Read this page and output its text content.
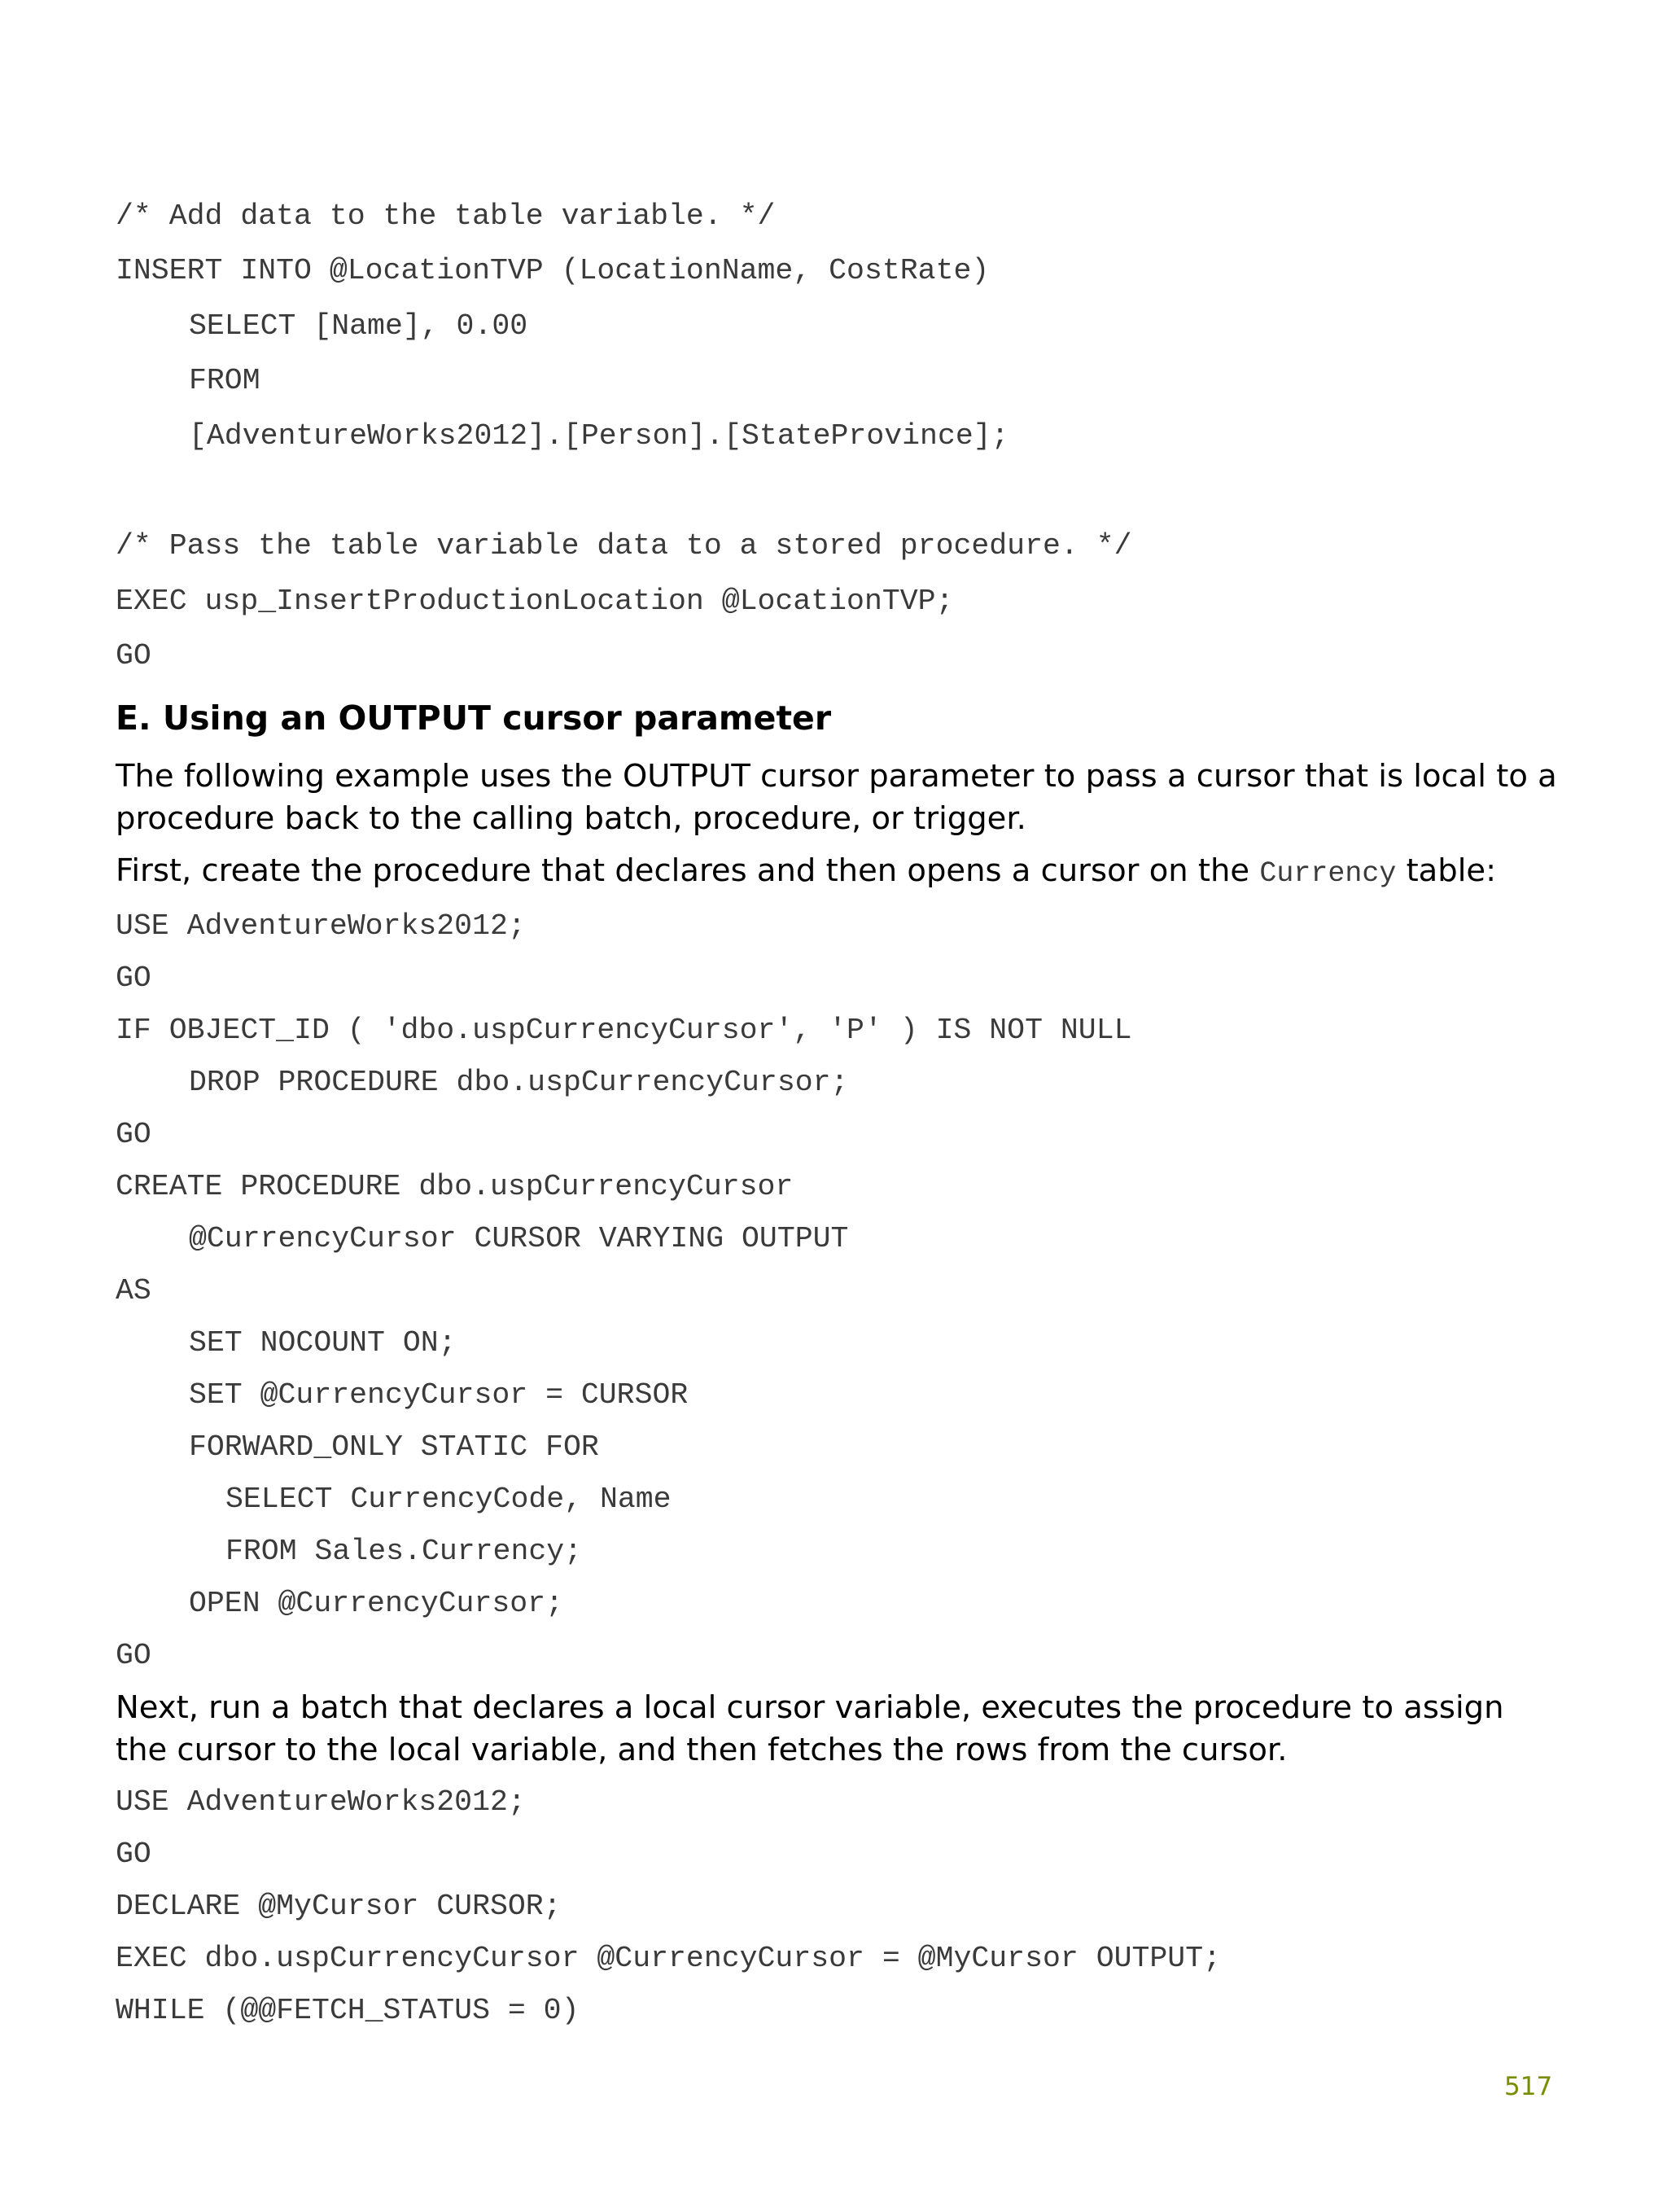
/* Add data to the table variable. */

INSERT INTO @LocationTVP (LocationName, CostRate)

SELECT [Name], 0.00

FROM

[AdventureWorks2012].[Person].[StateProvince];

/* Pass the table variable data to a stored procedure. */

EXEC usp_InsertProductionLocation @LocationTVP;

GO

E. Using an OUTPUT cursor parameter

The following example uses the OUTPUT cursor parameter to pass a cursor that is local to a procedure back to the calling batch, procedure, or trigger.

First, create the procedure that declares and then opens a cursor on the Currency table:

USE AdventureWorks2012;

GO

IF OBJECT_ID ( 'dbo.uspCurrencyCursor', 'P' ) IS NOT NULL

DROP PROCEDURE dbo.uspCurrencyCursor;

GO

CREATE PROCEDURE dbo.uspCurrencyCursor

@CurrencyCursor CURSOR VARYING OUTPUT

AS

SET NOCOUNT ON;

SET @CurrencyCursor = CURSOR

FORWARD_ONLY STATIC FOR

SELECT CurrencyCode, Name

FROM Sales.Currency;

OPEN @CurrencyCursor;

GO

Next, run a batch that declares a local cursor variable, executes the procedure to assign the cursor to the local variable, and then fetches the rows from the cursor.

USE AdventureWorks2012;

GO

DECLARE @MyCursor CURSOR;

EXEC dbo.uspCurrencyCursor @CurrencyCursor = @MyCursor OUTPUT;

WHILE (@@FETCH_STATUS = 0)

517
